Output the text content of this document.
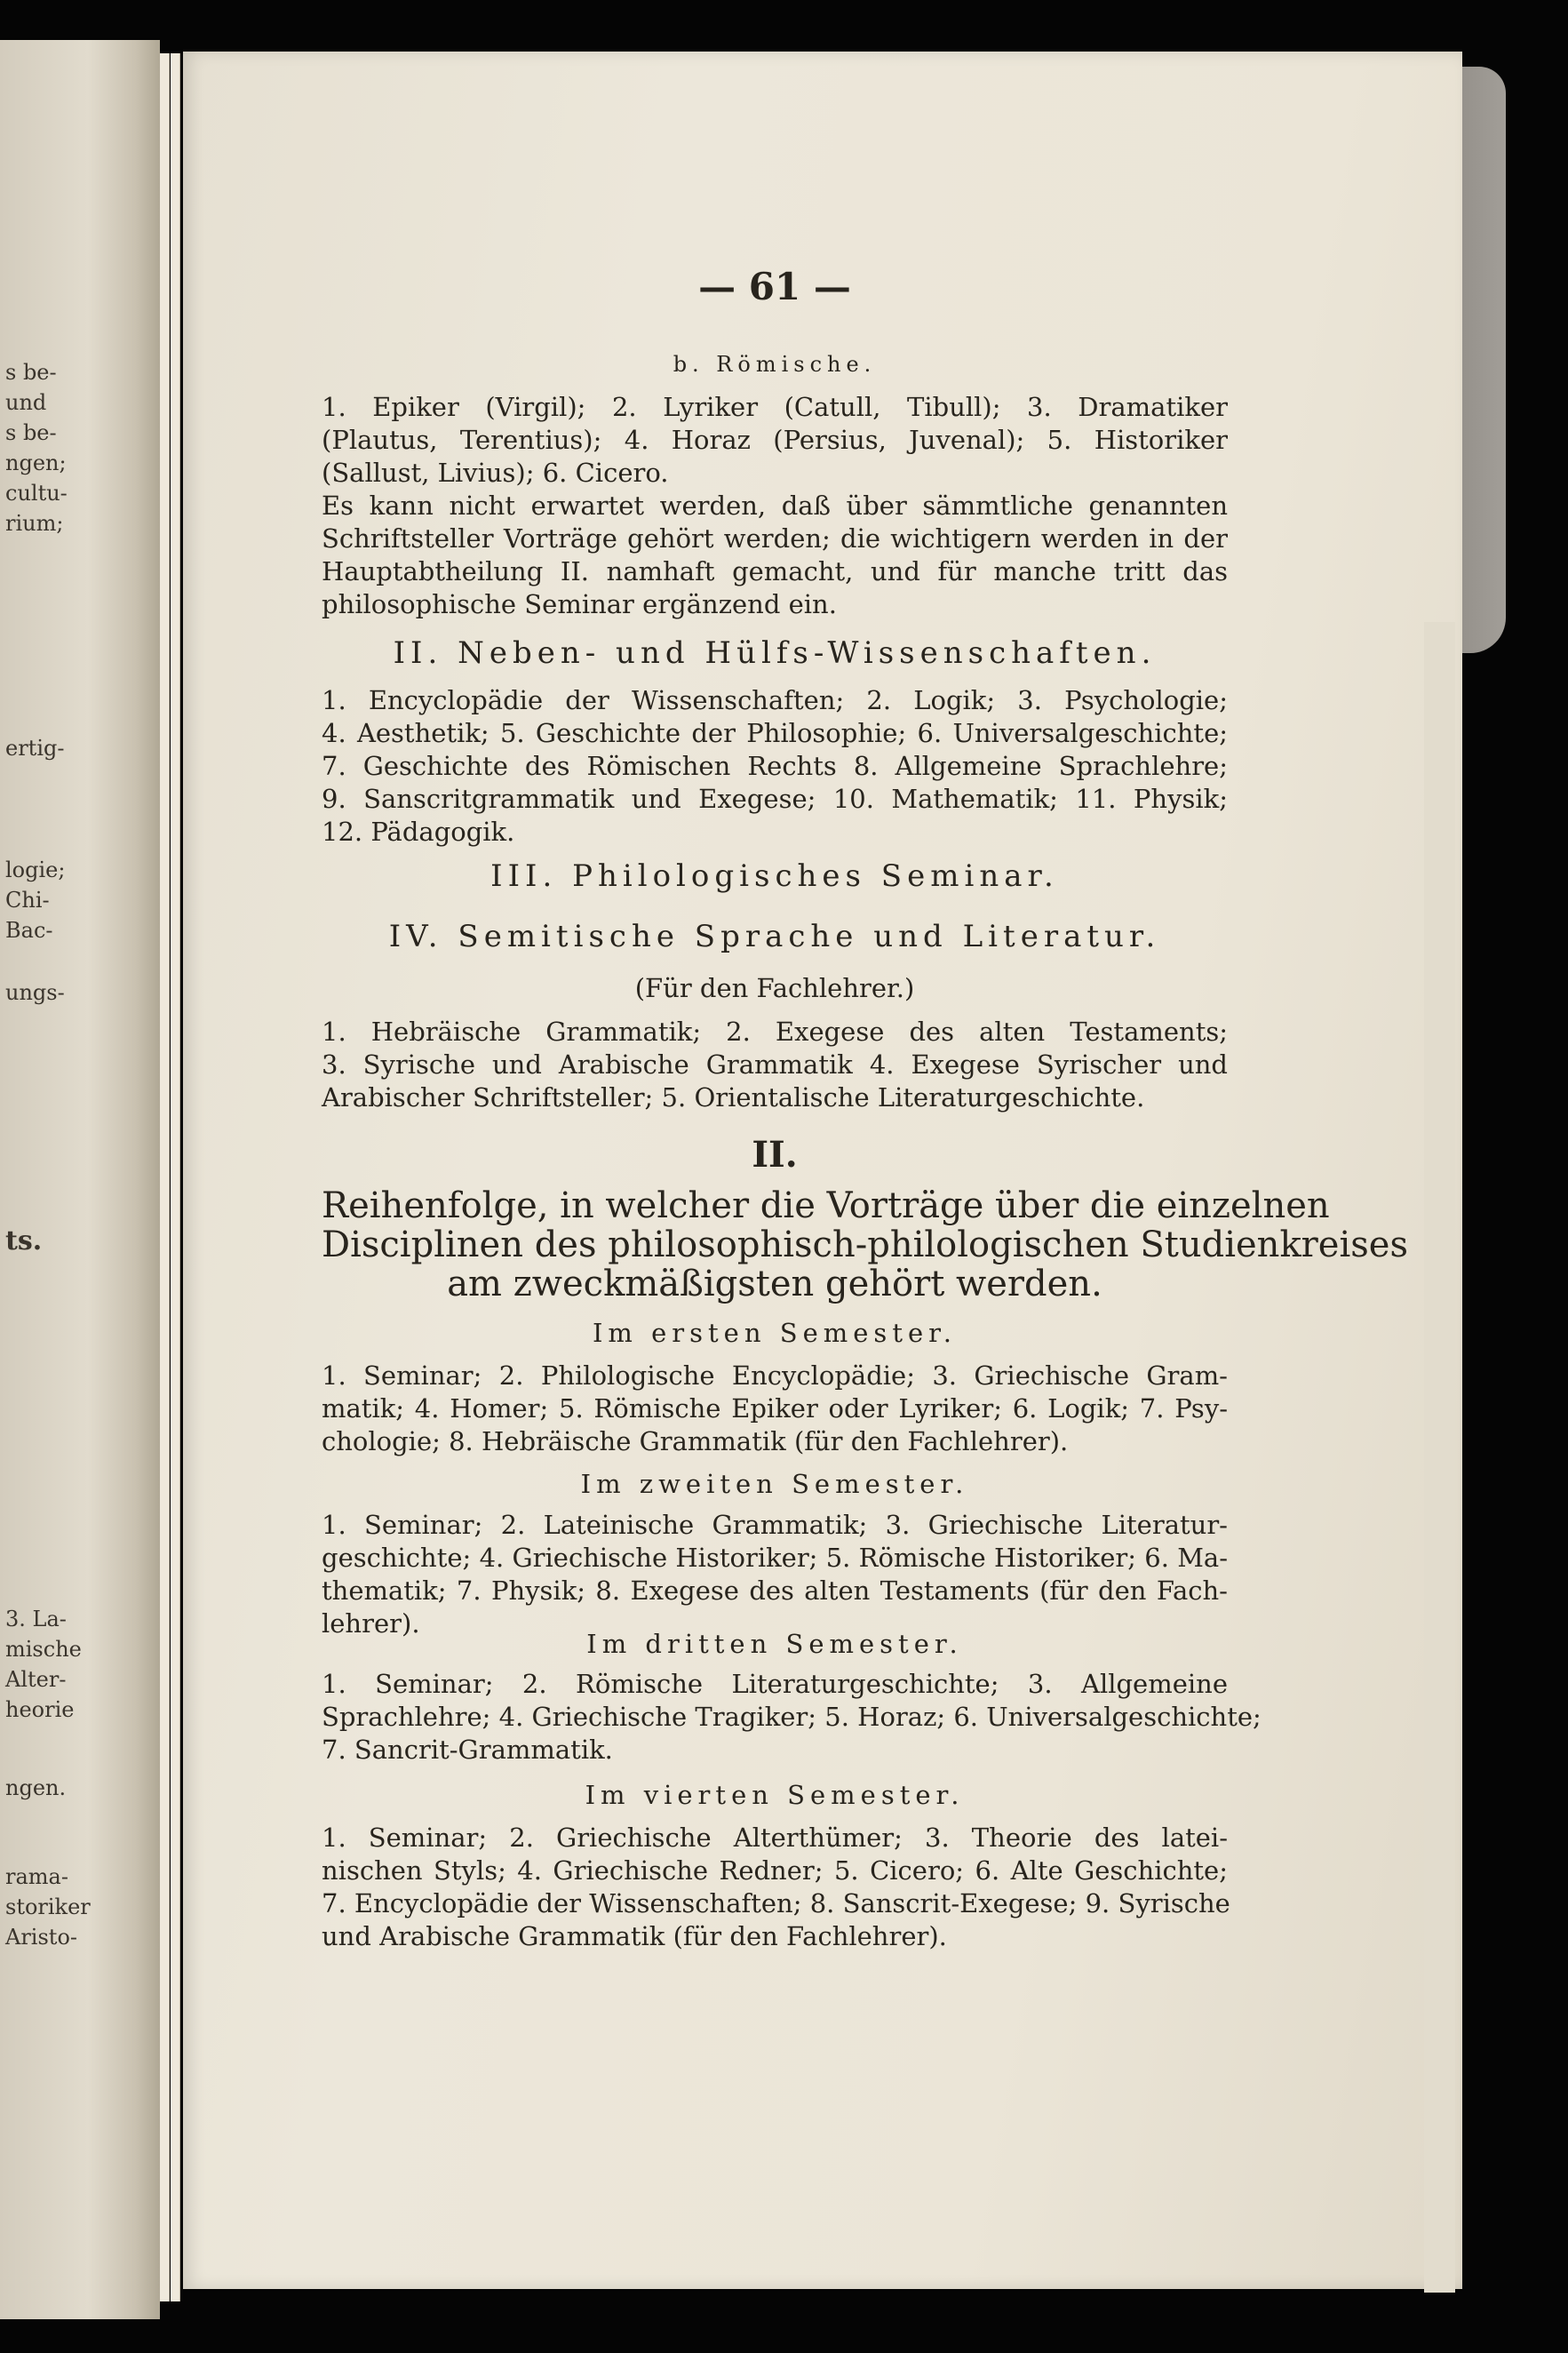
s be-
und
s be-
ngen;
cultu-
rium;
ertig-
logie;
Chi-
Bac-
ungs-
ts.
3. La-
mische
Alter-
heorie
ngen.
rama-
storiker
Aristo-
— 61 —
b. Römische.
1. Epiker (Virgil); 2. Lyriker (Catull, Tibull); 3. Dramatiker
(Plautus, Terentius); 4. Horaz (Persius, Juvenal); 5. Historiker
(Sallust, Livius); 6. Cicero.
Es kann nicht erwartet werden, daß über sämmtliche genannten
Schriftsteller Vorträge gehört werden; die wichtigern werden in der
Hauptabtheilung II. namhaft gemacht, und für manche tritt das
philosophische Seminar ergänzend ein.
II. Neben- und Hülfs-Wissenschaften.
1. Encyclopädie der Wissenschaften; 2. Logik; 3. Psychologie;
4. Aesthetik; 5. Geschichte der Philosophie; 6. Universalgeschichte;
7. Geschichte des Römischen Rechts 8. Allgemeine Sprachlehre;
9. Sanscritgrammatik und Exegese; 10. Mathematik; 11. Physik;
12. Pädagogik.
III. Philologisches Seminar.
IV. Semitische Sprache und Literatur.
(Für den Fachlehrer.)
1. Hebräische Grammatik; 2. Exegese des alten Testaments;
3. Syrische und Arabische Grammatik 4. Exegese Syrischer und
Arabischer Schriftsteller; 5. Orientalische Literaturgeschichte.
II.
Reihenfolge, in welcher die Vorträge über die einzelnen
Disciplinen des philosophisch-philologischen Studienkreises
am zweckmäßigsten gehört werden.
Im ersten Semester.
1. Seminar; 2. Philologische Encyclopädie; 3. Griechische Gram-
matik; 4. Homer; 5. Römische Epiker oder Lyriker; 6. Logik; 7. Psy-
chologie; 8. Hebräische Grammatik (für den Fachlehrer).
Im zweiten Semester.
1. Seminar; 2. Lateinische Grammatik; 3. Griechische Literatur-
geschichte; 4. Griechische Historiker; 5. Römische Historiker; 6. Ma-
thematik; 7. Physik; 8. Exegese des alten Testaments (für den Fach-
lehrer).
Im dritten Semester.
1. Seminar; 2. Römische Literaturgeschichte; 3. Allgemeine
Sprachlehre; 4. Griechische Tragiker; 5. Horaz; 6. Universalgeschichte;
7. Sancrit-Grammatik.
Im vierten Semester.
1. Seminar; 2. Griechische Alterthümer; 3. Theorie des latei-
nischen Styls; 4. Griechische Redner; 5. Cicero; 6. Alte Geschichte;
7. Encyclopädie der Wissenschaften; 8. Sanscrit-Exegese; 9. Syrische
und Arabische Grammatik (für den Fachlehrer).
